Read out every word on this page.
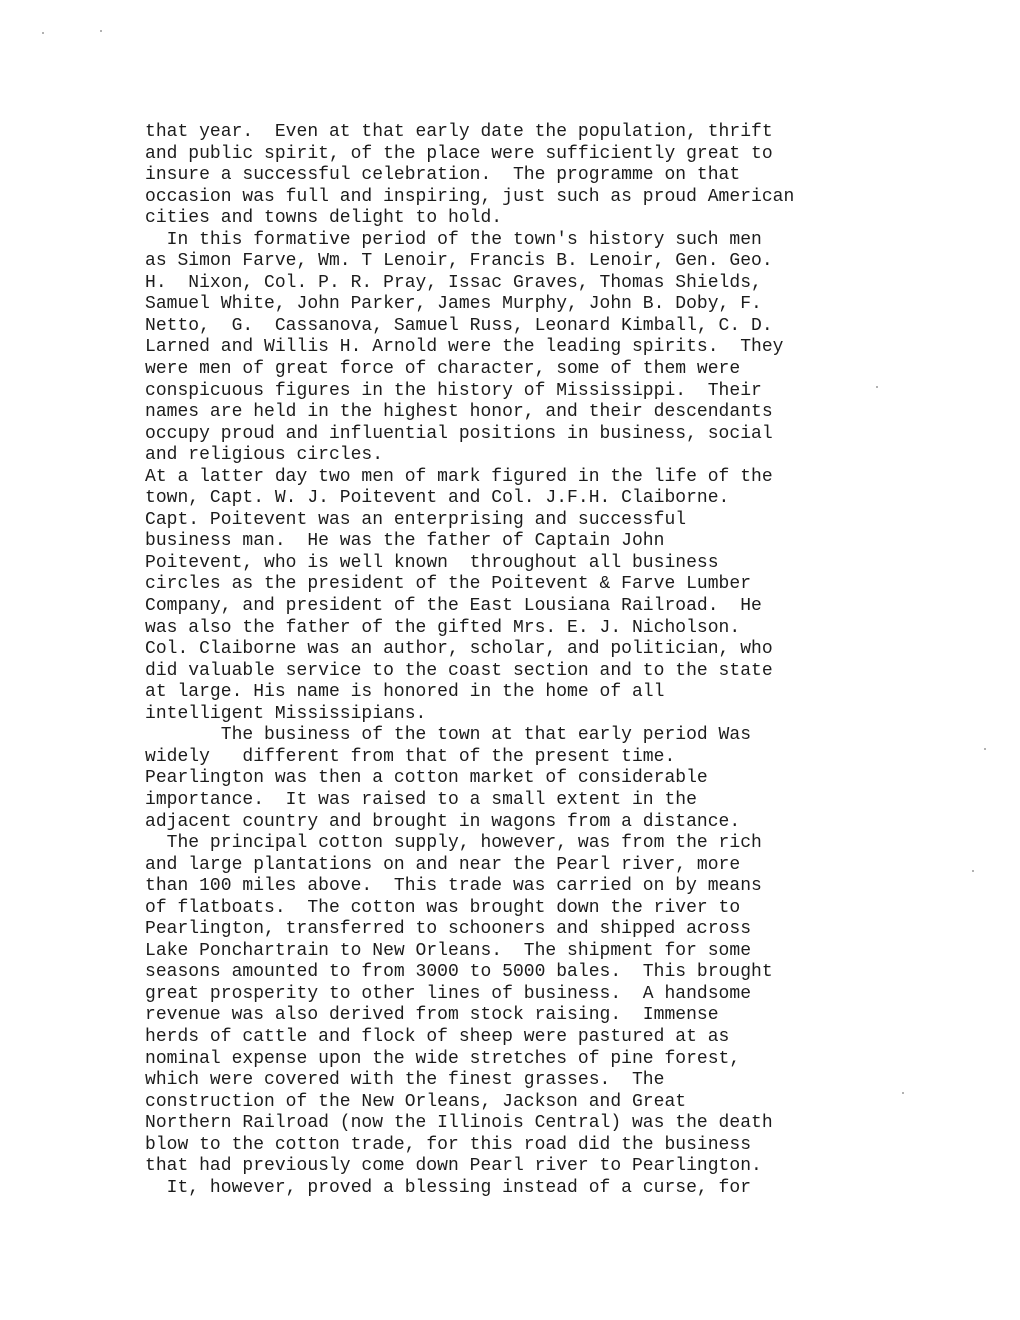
that year.  Even at that early date the population, thrift
and public spirit, of the place were sufficiently great to
insure a successful celebration.  The programme on that
occasion was full and inspiring, just such as proud American
cities and towns delight to hold.
In this formative period of the town's history such men
as Simon Farve, Wm. T Lenoir, Francis B. Lenoir, Gen. Geo.
H.  Nixon, Col. P. R. Pray, Issac Graves, Thomas Shields,
Samuel White, John Parker, James Murphy, John B. Doby, F.
Netto,  G.  Cassanova, Samuel Russ, Leonard Kimball, C. D.
Larned and Willis H. Arnold were the leading spirits.  They
were men of great force of character, some of them were
conspicuous figures in the history of Mississippi.  Their
names are held in the highest honor, and their descendants
occupy proud and influential positions in business, social
and religious circles.
At a latter day two men of mark figured in the life of the
town, Capt. W. J. Poitevent and Col. J.F.H. Claiborne.
Capt. Poitevent was an enterprising and successful
business man.  He was the father of Captain John
Poitevent, who is well known  throughout all business
circles as the president of the Poitevent & Farve Lumber
Company, and president of the East Lousiana Railroad.  He
was also the father of the gifted Mrs. E. J. Nicholson.
Col. Claiborne was an author, scholar, and politician, who
did valuable service to the coast section and to the state
at large. His name is honored in the home of all
intelligent Mississipians.
The business of the town at that early period Was
widely   different from that of the present time.
Pearlington was then a cotton market of considerable
importance.  It was raised to a small extent in the
adjacent country and brought in wagons from a distance.
The principal cotton supply, however, was from the rich
and large plantations on and near the Pearl river, more
than 100 miles above.  This trade was carried on by means
of flatboats.  The cotton was brought down the river to
Pearlington, transferred to schooners and shipped across
Lake Ponchartrain to New Orleans.  The shipment for some
seasons amounted to from 3000 to 5000 bales.  This brought
great prosperity to other lines of business.  A handsome
revenue was also derived from stock raising.  Immense
herds of cattle and flock of sheep were pastured at as
nominal expense upon the wide stretches of pine forest,
which were covered with the finest grasses.  The
construction of the New Orleans, Jackson and Great
Northern Railroad (now the Illinois Central) was the death
blow to the cotton trade, for this road did the business
that had previously come down Pearl river to Pearlington.
It, however, proved a blessing instead of a curse, for
